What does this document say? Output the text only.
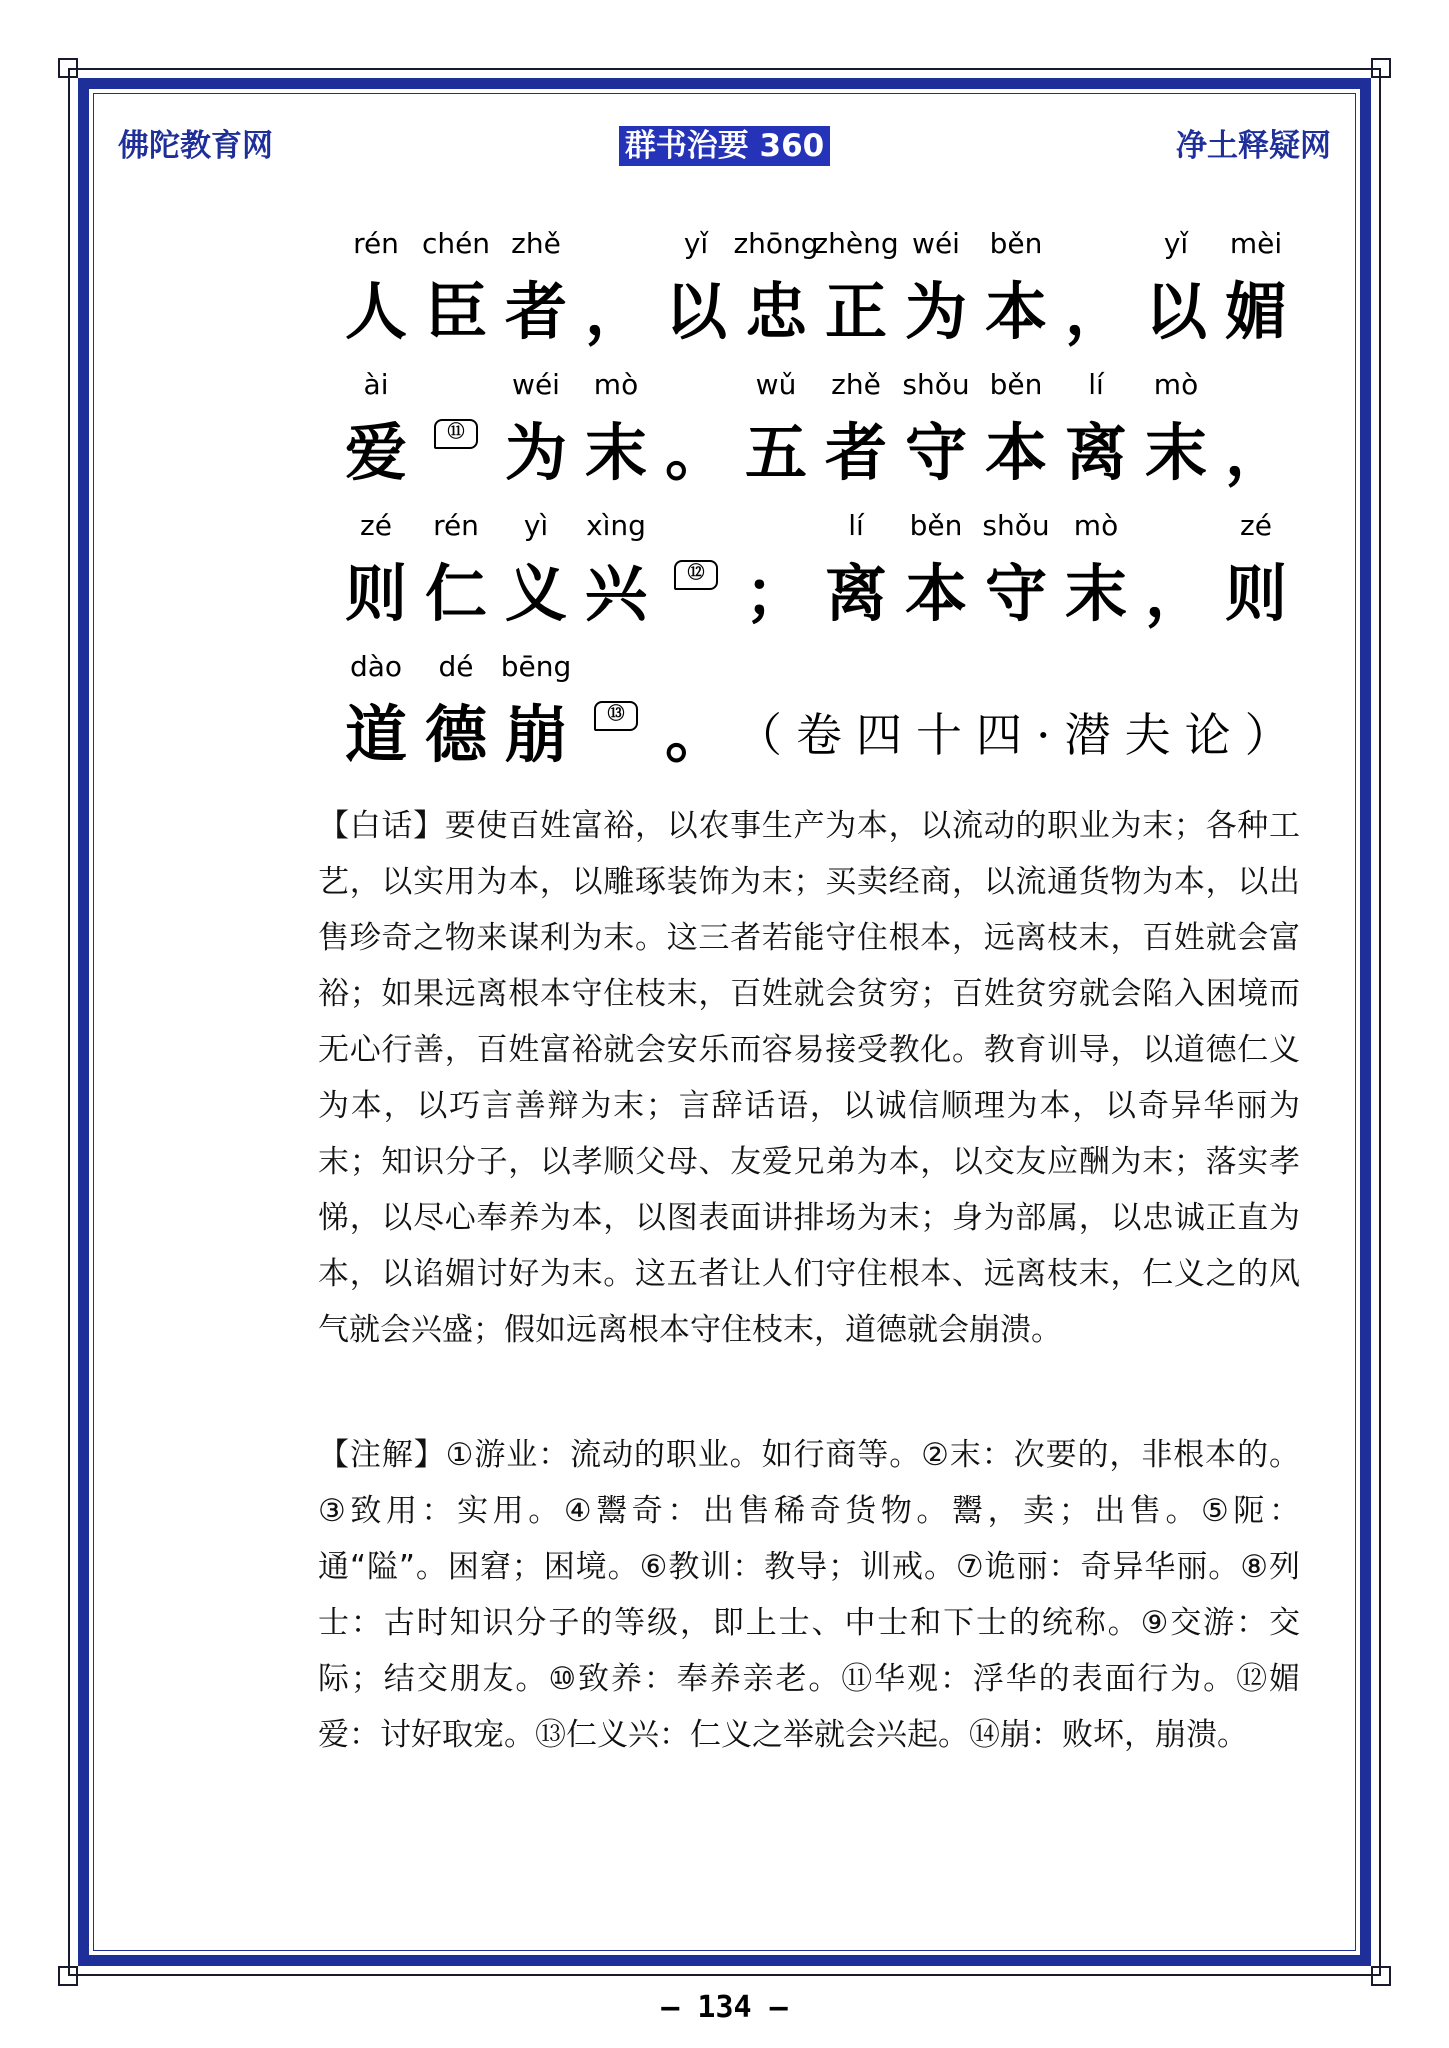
佛陀教育网	群书治要 360	净土释疑网
rén
人
chén
臣
zhě
者 ，
yǐ
以
zhōng
忠
zhèng
正
wéi
为
běn
本 ，
yǐ
以
mèi
媚
ài
爱	⑪
wéi
为
mò
末 。
wǔ
五
zhě
者
shǒu
守
běn
本
lí
离
mò
末 ，
zé
则
rén
仁
yì
义
xìng
兴	⑫ ；
lí
离
běn
本
shǒu
守
mò
末 ，
zé
则
dào
道
dé
德
bēng
崩	⑬ 。 （卷四十四·潜夫论）
【白话】要使百姓富裕，以农事生产为本，以流动的职业为末；各种工艺，以实用为本，以雕琢装饰为末；买卖经商，以流通货物为本，以出售珍奇之物来谋利为末。这三者若能守住根本，远离枝末，百姓就会富裕；如果远离根本守住枝末，百姓就会贫穷；百姓贫穷就会陷入困境而无心行善，百姓富裕就会安乐而容易接受教化。教育训导，以道德仁义为本，以巧言善辩为末；言辞话语，以诚信顺理为本，以奇异华丽为末；知识分子，以孝顺父母、友爱兄弟为本，以交友应酬为末；落实孝悌，以尽心奉养为本，以图表面讲排场为末；身为部属，以忠诚正直为本，以谄媚讨好为末。这五者让人们守住根本、远离枝末，仁义之的风气就会兴盛；假如远离根本守住枝末，道德就会崩溃。
【注解】①游业：流动的职业。如行商等。②末：次要的，非根本的。③致用：实用。④鬻奇：出售稀奇货物。鬻，卖；出售。⑤阨：通“隘”。困窘；困境。⑥教训：教导；训戒。⑦诡丽：奇异华丽。⑧列士：古时知识分子的等级，即上士、中士和下士的统称。⑨交游：交际；结交朋友。⑩致养：奉养亲老。⑪华观：浮华的表面行为。⑫媚爱：讨好取宠。⑬仁义兴：仁义之举就会兴起。⑭崩：败坏，崩溃。
– 134 –
